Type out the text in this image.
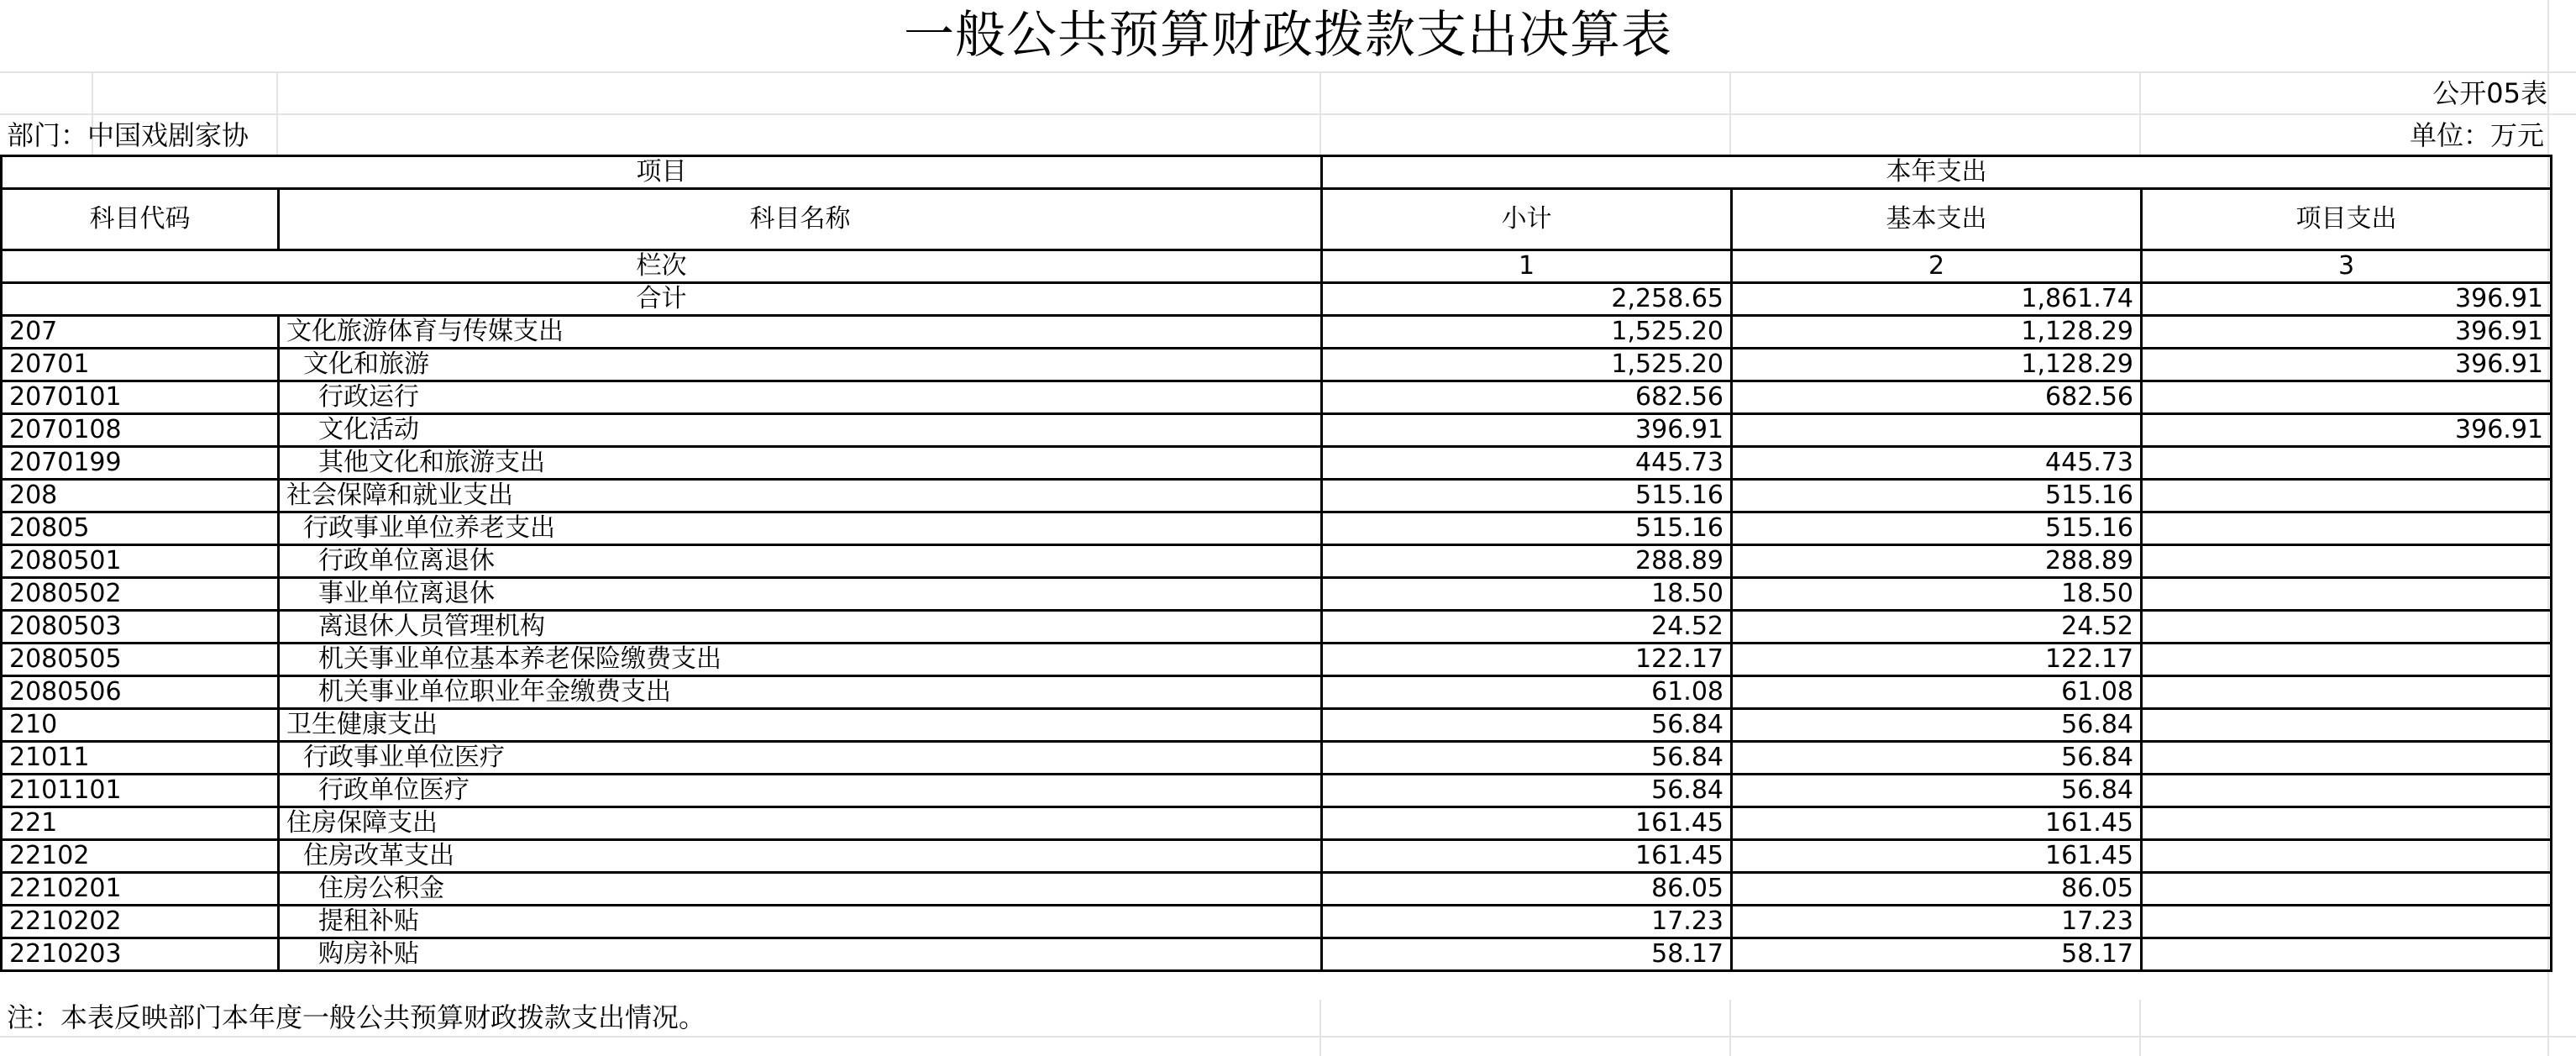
一般公共预算财政拨款支出决算表
公开05表
部门：中国戏剧家协	单位：万元
项目		本年支出		
科目代码	科目名称	小计	基本支出	项目支出
栏次		1	2	3
合计		2,258.65	1,861.74	396.91
207	文化旅游体育与传媒支出	1,525.20	1,128.29	396.91
20701	文化和旅游	1,525.20	1,128.29	396.91
2070101	行政运行	682.56	682.56	
2070108	文化活动	396.91		396.91
2070199	其他文化和旅游支出	445.73	445.73	
208	社会保障和就业支出	515.16	515.16	
20805	行政事业单位养老支出	515.16	515.16	
2080501	行政单位离退休	288.89	288.89	
2080502	事业单位离退休	18.50	18.50	
2080503	离退休人员管理机构	24.52	24.52	
2080505	机关事业单位基本养老保险缴费支出	122.17	122.17	
2080506	机关事业单位职业年金缴费支出	61.08	61.08	
210	卫生健康支出	56.84	56.84	
21011	行政事业单位医疗	56.84	56.84	
2101101	行政单位医疗	56.84	56.84	
221	住房保障支出	161.45	161.45	
22102	住房改革支出	161.45	161.45	
2210201	住房公积金	86.05	86.05	
2210202	提租补贴	17.23	17.23	
2210203	购房补贴	58.17	58.17	
注：本表反映部门本年度一般公共预算财政拨款支出情况。
